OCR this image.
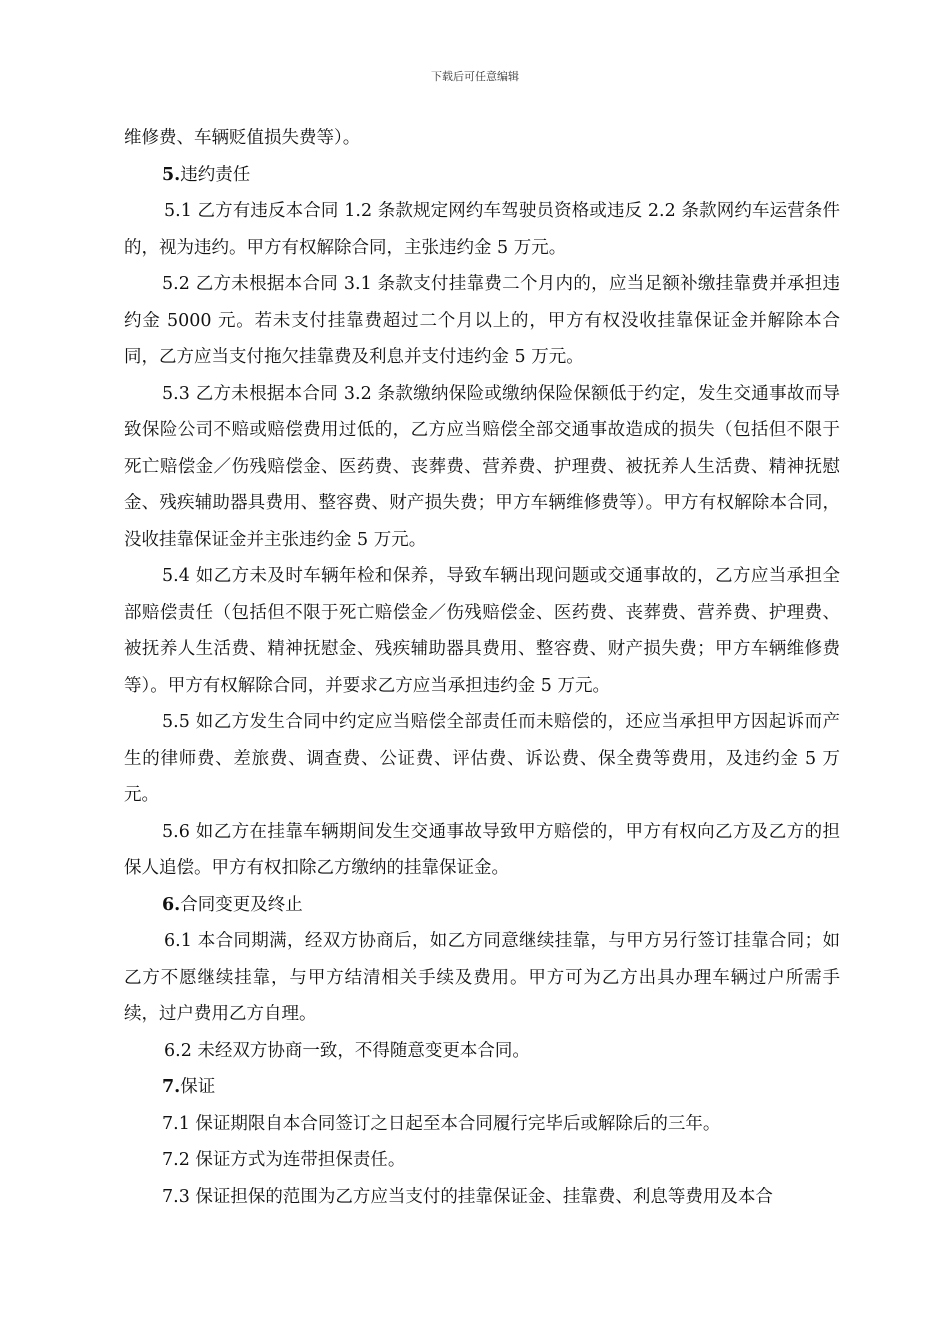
下载后可任意编辑

维修费、车辆贬值损失费等）。

5.违约责任

5.1 乙方有违反本合同 1.2 条款规定网约车驾驶员资格或违反 2.2 条款网约车运营条件的，视为违约。甲方有权解除合同，主张违约金 5 万元。

5.2 乙方未根据本合同 3.1 条款支付挂靠费二个月内的，应当足额补缴挂靠费并承担违约金 5000 元。若未支付挂靠费超过二个月以上的，甲方有权没收挂靠保证金并解除本合同，乙方应当支付拖欠挂靠费及利息并支付违约金 5 万元。

5.3 乙方未根据本合同 3.2 条款缴纳保险或缴纳保险保额低于约定，发生交通事故而导致保险公司不赔或赔偿费用过低的，乙方应当赔偿全部交通事故造成的损失（包括但不限于死亡赔偿金／伤残赔偿金、医药费、丧葬费、营养费、护理费、被抚养人生活费、精神抚慰金、残疾辅助器具费用、整容费、财产损失费；甲方车辆维修费等）。甲方有权解除本合同，没收挂靠保证金并主张违约金 5 万元。

5.4 如乙方未及时车辆年检和保养，导致车辆出现问题或交通事故的，乙方应当承担全部赔偿责任（包括但不限于死亡赔偿金／伤残赔偿金、医药费、丧葬费、营养费、护理费、被抚养人生活费、精神抚慰金、残疾辅助器具费用、整容费、财产损失费；甲方车辆维修费等）。甲方有权解除合同，并要求乙方应当承担违约金 5 万元。

5.5 如乙方发生合同中约定应当赔偿全部责任而未赔偿的，还应当承担甲方因起诉而产生的律师费、差旅费、调查费、公证费、评估费、诉讼费、保全费等费用，及违约金 5 万元。

5.6 如乙方在挂靠车辆期间发生交通事故导致甲方赔偿的，甲方有权向乙方及乙方的担保人追偿。甲方有权扣除乙方缴纳的挂靠保证金。

6.合同变更及终止

6.1 本合同期满，经双方协商后，如乙方同意继续挂靠，与甲方另行签订挂靠合同；如乙方不愿继续挂靠，与甲方结清相关手续及费用。甲方可为乙方出具办理车辆过户所需手续，过户费用乙方自理。

6.2 未经双方协商一致，不得随意变更本合同。

7.保证

7.1 保证期限自本合同签订之日起至本合同履行完毕后或解除后的三年。

7.2 保证方式为连带担保责任。

7.3 保证担保的范围为乙方应当支付的挂靠保证金、挂靠费、利息等费用及本合
